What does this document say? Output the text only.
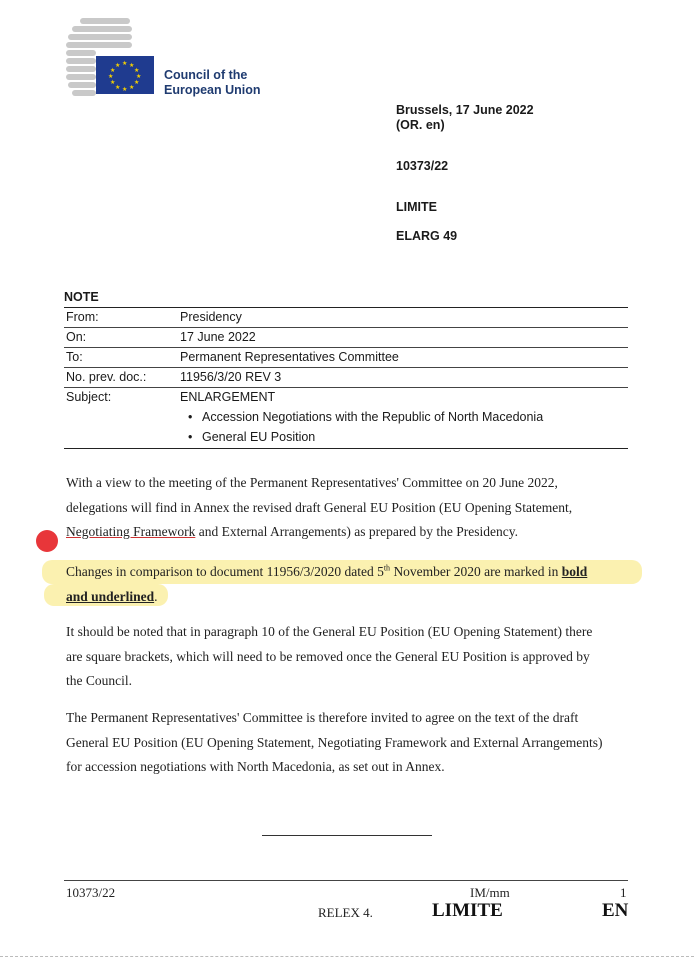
★ ★
★
★
★
★
★
★
★
★
★
★
Council of the
European Union
Brussels, 17 June 2022
(OR. en)
10373/22
LIMITE
ELARG 49
NOTE
From:	Presidency
On:	17 June 2022
To:	Permanent Representatives Committee
No. prev. doc.:	11956/3/20 REV 3
Subject:	ENLARGEMENT
• Accession Negotiations with the Republic of North Macedonia
• General EU Position
With a view to the meeting of the Permanent Representatives' Committee on 20 June 2022,
delegations will find in Annex the revised draft General EU Position (EU Opening Statement,
Negotiating Framework and External Arrangements) as prepared by the Presidency.
Changes in comparison to document 11956/3/2020 dated 5th November 2020 are marked in bold
and underlined.
It should be noted that in paragraph 10 of the General EU Position (EU Opening Statement) there
are square brackets, which will need to be removed once the General EU Position is approved by
the Council.
The Permanent Representatives' Committee is therefore invited to agree on the text of the draft
General EU Position (EU Opening Statement, Negotiating Framework and External Arrangements)
for accession negotiations with North Macedonia, as set out in Annex.
10373/22	IM/mm	1
RELEX 4.	LIMITE	EN
